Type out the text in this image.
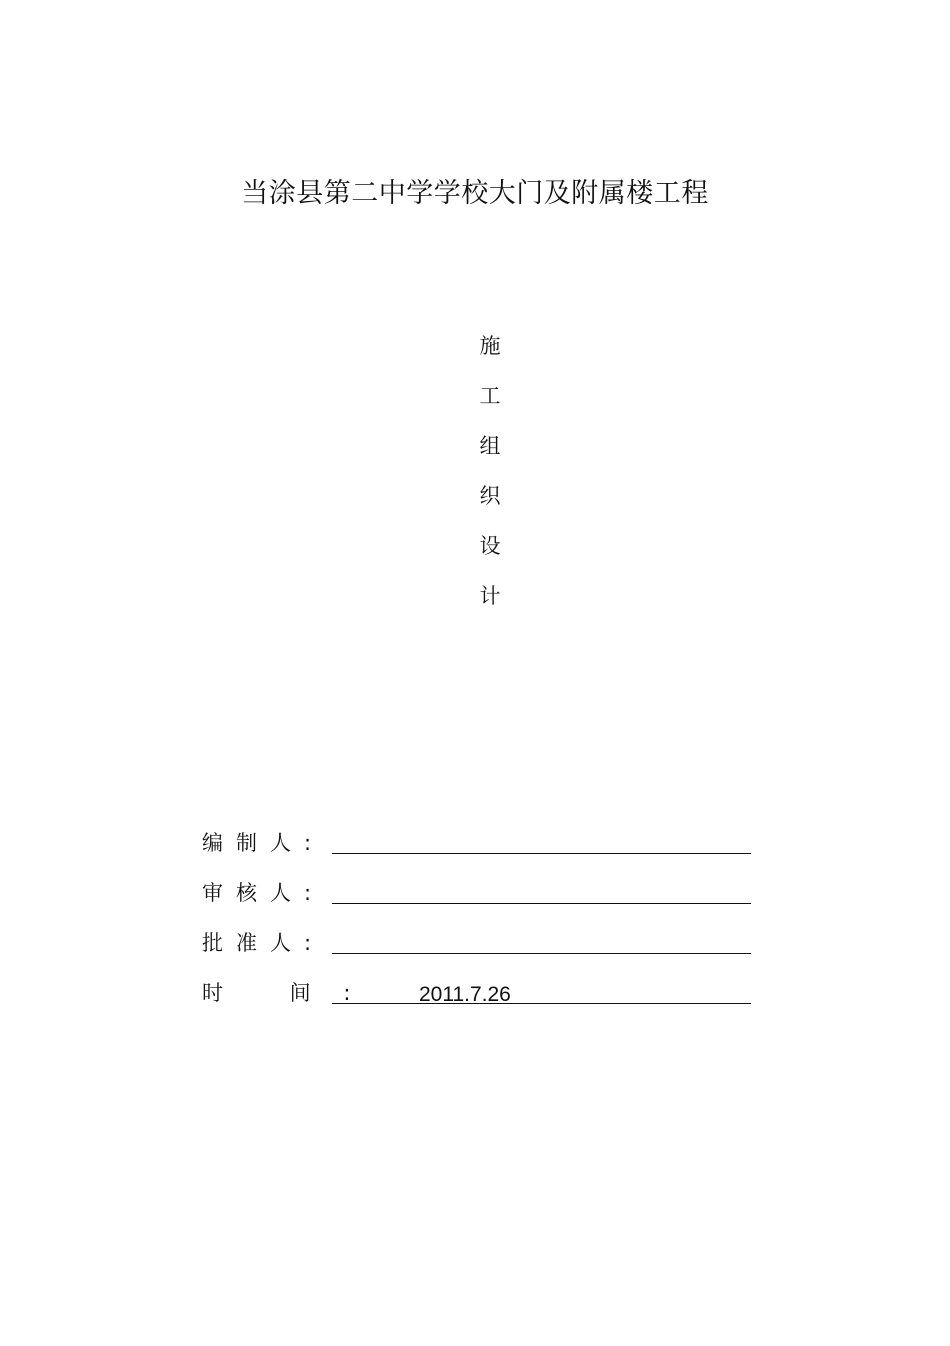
当涂县第二中学学校大门及附属楼工程
施
工
组
织
设
计
编制人:
审核人:
批准人:
时　 间 :	2011.7.26
